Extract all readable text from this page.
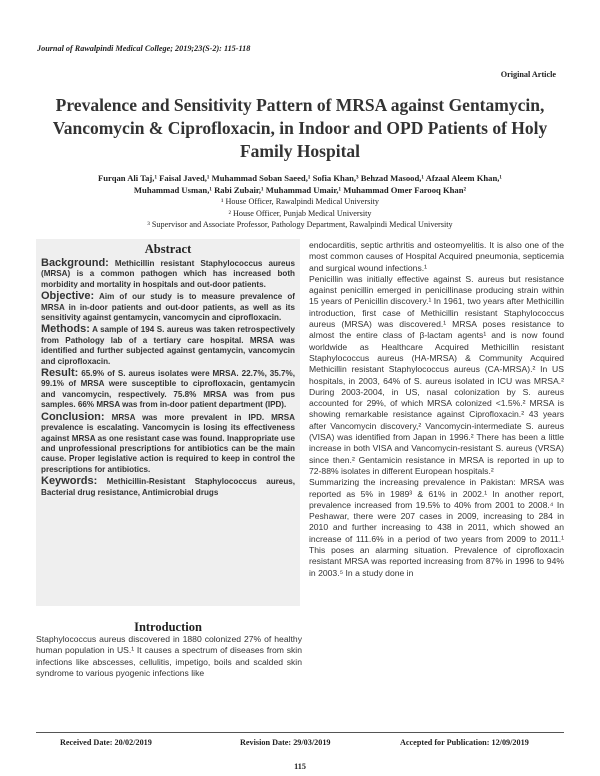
Journal of Rawalpindi Medical College; 2019;23(S-2): 115-118
Original Article
Prevalence and Sensitivity Pattern of MRSA against Gentamycin, Vancomycin & Ciprofloxacin, in Indoor and OPD Patients of Holy Family Hospital
Furqan Ali Taj,¹ Faisal Javed,¹ Muhammad Soban Saeed,¹ Sofia Khan,³ Behzad Masood,¹ Afzaal Aleem Khan,¹
Muhammad Usman,¹ Rabi Zubair,¹ Muhammad Umair,¹ Muhammad Omer Farooq Khan²
¹ House Officer, Rawalpindi Medical University
² House Officer, Punjab Medical University
³ Supervisor and Associate Professor, Pathology Department, Rawalpindi Medical University
Abstract

Background: Methicillin resistant Staphylococcus aureus (MRSA) is a common pathogen which has increased both morbidity and mortality in hospitals and out-door patients.

Objective: Aim of our study is to measure prevalence of MRSA in in-door patients and out-door patients, as well as its sensitivity against gentamycin, vancomycin and ciprofloxacin.

Methods: A sample of 194 S. aureus was taken retrospectively from Pathology lab of a tertiary care hospital. MRSA was identified and further subjected against gentamycin, vancomycin and ciprofloxacin.

Result: 65.9% of S. aureus isolates were MRSA. 22.7%, 35.7%, 99.1% of MRSA were susceptible to ciprofloxacin, gentamycin and vancomycin, respectively. 75.8% MRSA was from pus samples. 66% MRSA was from in-door patient department (IPD).

Conclusion: MRSA was more prevalent in IPD. MRSA prevalence is escalating. Vancomycin is losing its effectiveness against MRSA as one resistant case was found. Inappropriate use and unprofessional prescriptions for antibiotics can be the main cause. Proper legislative action is required to keep in control the prescriptions for antibiotics.

Keywords: Methicillin-Resistant Staphylococcus aureus, Bacterial drug resistance, Antimicrobial drugs

Introduction
Staphylococcus aureus discovered in 1880 colonized 27% of healthy human population in US.¹ It causes a spectrum of diseases from skin infections like abscesses, cellulitis, impetigo, boils and scalded skin syndrome to various pyogenic infections like

endocarditis, septic arthritis and osteomyelitis. It is also one of the most common causes of Hospital Acquired pneumonia, septicemia and surgical wound infections.¹

Penicillin was initially effective against S. aureus but resistance against penicillin emerged in penicillinase producing strain within 15 years of Penicillin discovery.¹ In 1961, two years after Methicillin introduction, first case of Methicillin resistant Staphylococcus aureus (MRSA) was discovered.¹ MRSA poses resistance to almost the entire class of β-lactam agents¹ and is now found worldwide as Healthcare Acquired Methicillin resistant Staphylococcus aureus (HA-MRSA) & Community Acquired Methicillin resistant Staphylococcus aureus (CA-MRSA).² In US hospitals, in 2003, 64% of S. aureus isolated in ICU was MRSA.² During 2003-2004, in US, nasal colonization by S. aureus accounted for 29%, of which MRSA colonized <1.5%.² MRSA is showing remarkable resistance against Ciprofloxacin.² 43 years after Vancomycin discovery,² Vancomycin-intermediate S. aureus (VISA) was identified from Japan in 1996.² There has been a little increase in both VISA and Vancomycin-resistant S. aureus (VRSA) since then.² Gentamicin resistance in MRSA is reported in up to 72-88% isolates in different European hospitals.²

Summarizing the increasing prevalence in Pakistan: MRSA was reported as 5% in 1989³ & 61% in 2002.¹ In another report, prevalence increased from 19.5% to 40% from 2001 to 2008.⁴ In Peshawar, there were 207 cases in 2009, increasing to 284 in 2010 and further increasing to 438 in 2011, which showed an increase of 111.6% in a period of two years from 2009 to 2011.¹ This poses an alarming situation. Prevalence of ciprofloxacin resistant MRSA was reported increasing from 87% in 1996 to 94% in 2003.⁵ In a study done in

Received Date: 20/02/2019	Revision Date: 29/03/2019	Accepted for Publication: 12/09/2019
115
